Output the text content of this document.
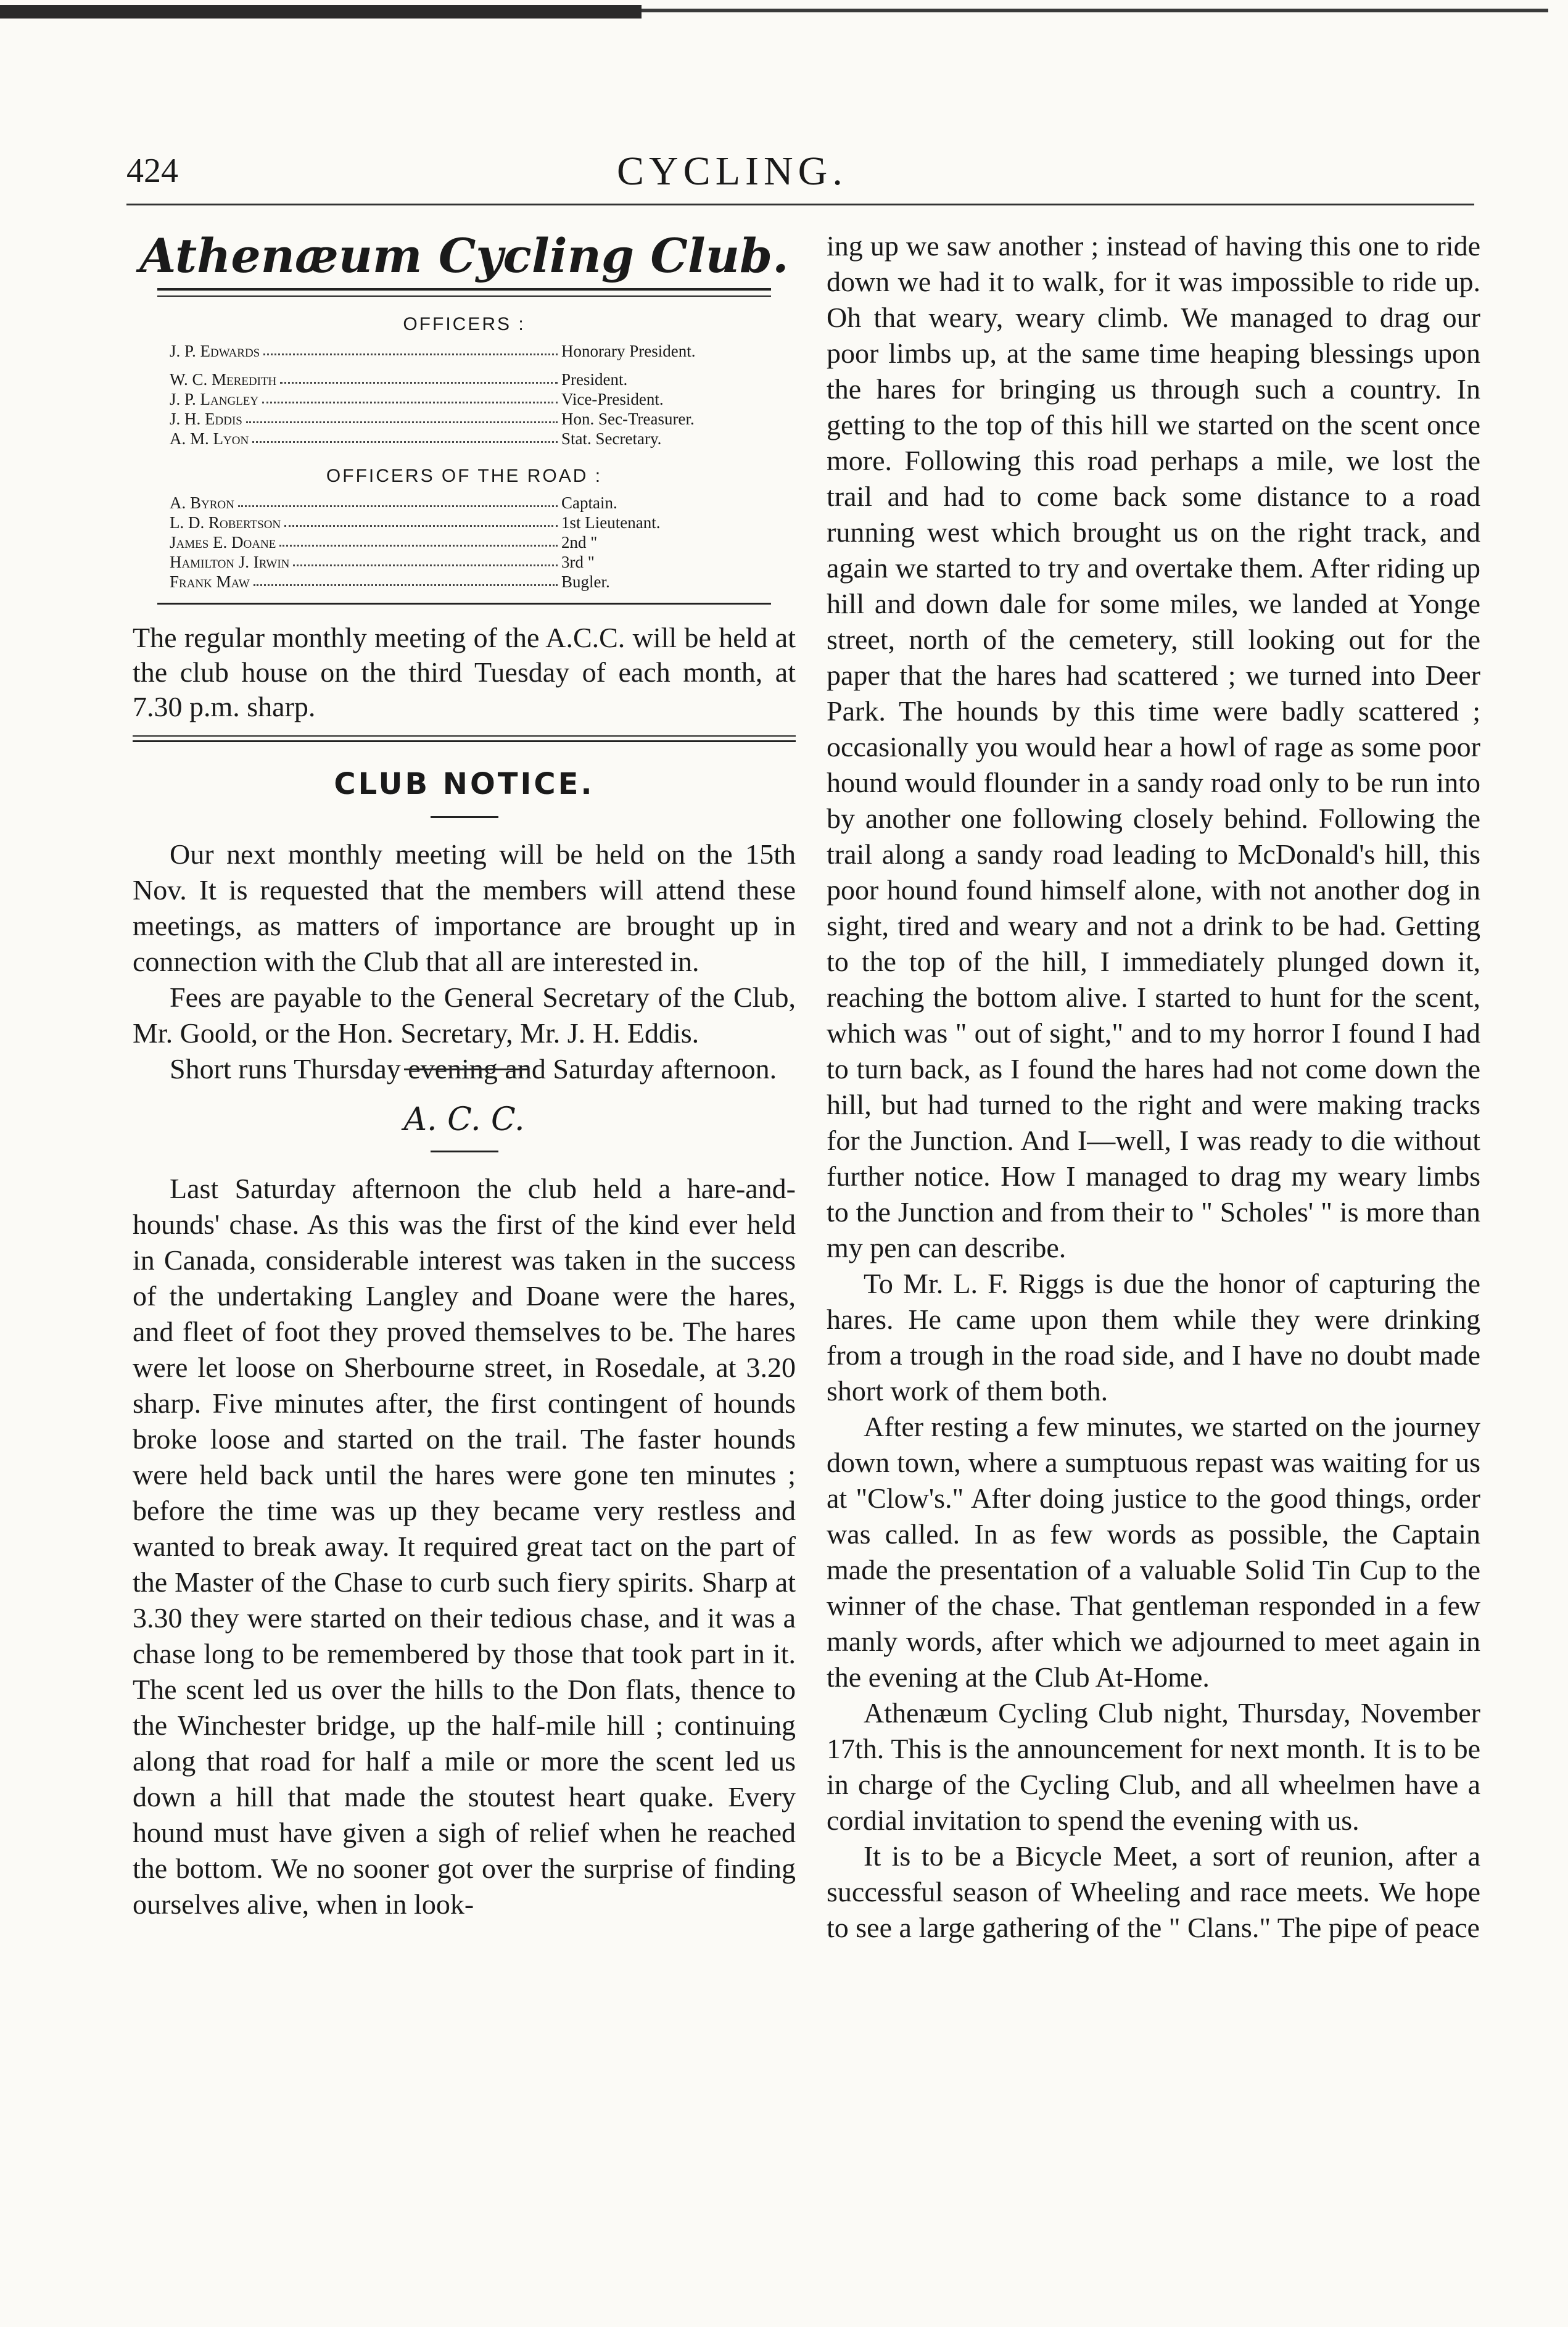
424	CYCLING.
Athenæum Cycling Club.
OFFICERS :
J. P. Edwards	Honorary President.
W. C. Meredith	President.
J. P. Langley	Vice-President.
J. H. Eddis	Hon. Sec-Treasurer.
A. M. Lyon	Stat. Secretary.
OFFICERS OF THE ROAD :
A. Byron	Captain.
L. D. Robertson	1st Lieutenant.
James E. Doane	2nd "
Hamilton J. Irwin	3rd "
Frank Maw	Bugler.

The regular monthly meeting of the A.C.C. will be held at the club house on the third Tuesday of each month, at 7.30 p.m. sharp.

CLUB NOTICE.

Our next monthly meeting will be held on the 15th Nov. It is requested that the members will attend these meetings, as matters of importance are brought up in connection with the Club that all are interested in.

Fees are payable to the General Secretary of the Club, Mr. Goold, or the Hon. Secretary, Mr. J. H. Eddis.

Short runs Thursday evening and Saturday afternoon.

A. C. C.

Last Saturday afternoon the club held a hare-and-hounds' chase. As this was the first of the kind ever held in Canada, considerable interest was taken in the success of the undertaking Langley and Doane were the hares, and fleet of foot they proved themselves to be. The hares were let loose on Sherbourne street, in Rosedale, at 3.20 sharp. Five minutes after, the first contingent of hounds broke loose and started on the trail. The faster hounds were held back until the hares were gone ten minutes ; before the time was up they became very restless and wanted to break away. It required great tact on the part of the Master of the Chase to curb such fiery spirits. Sharp at 3.30 they were started on their tedious chase, and it was a chase long to be remembered by those that took part in it. The scent led us over the hills to the Don flats, thence to the Winchester bridge, up the half-mile hill ; continuing along that road for half a mile or more the scent led us down a hill that made the stoutest heart quake. Every hound must have given a sigh of relief when he reached the bottom. We no sooner got over the surprise of finding ourselves alive, when in look-

ing up we saw another ; instead of having this one to ride down we had it to walk, for it was impossible to ride up. Oh that weary, weary climb. We managed to drag our poor limbs up, at the same time heaping blessings upon the hares for bringing us through such a country. In getting to the top of this hill we started on the scent once more. Following this road perhaps a mile, we lost the trail and had to come back some distance to a road running west which brought us on the right track, and again we started to try and overtake them. After riding up hill and down dale for some miles, we landed at Yonge street, north of the cemetery, still looking out for the paper that the hares had scattered ; we turned into Deer Park. The hounds by this time were badly scattered ; occasionally you would hear a howl of rage as some poor hound would flounder in a sandy road only to be run into by another one following closely behind. Following the trail along a sandy road leading to McDonald's hill, this poor hound found himself alone, with not another dog in sight, tired and weary and not a drink to be had. Getting to the top of the hill, I immediately plunged down it, reaching the bottom alive. I started to hunt for the scent, which was " out of sight," and to my horror I found I had to turn back, as I found the hares had not come down the hill, but had turned to the right and were making tracks for the Junction. And I—well, I was ready to die without further notice. How I managed to drag my weary limbs to the Junction and from their to " Scholes' " is more than my pen can describe.

To Mr. L. F. Riggs is due the honor of capturing the hares. He came upon them while they were drinking from a trough in the road side, and I have no doubt made short work of them both.

After resting a few minutes, we started on the journey down town, where a sumptuous repast was waiting for us at "Clow's." After doing justice to the good things, order was called. In as few words as possible, the Captain made the presentation of a valuable Solid Tin Cup to the winner of the chase. That gentleman responded in a few manly words, after which we adjourned to meet again in the evening at the Club At-Home.

Athenæum Cycling Club night, Thursday, November 17th. This is the announcement for next month. It is to be in charge of the Cycling Club, and all wheelmen have a cordial invitation to spend the evening with us.

It is to be a Bicycle Meet, a sort of reunion, after a successful season of Wheeling and race meets. We hope to see a large gathering of the " Clans." The pipe of peace
